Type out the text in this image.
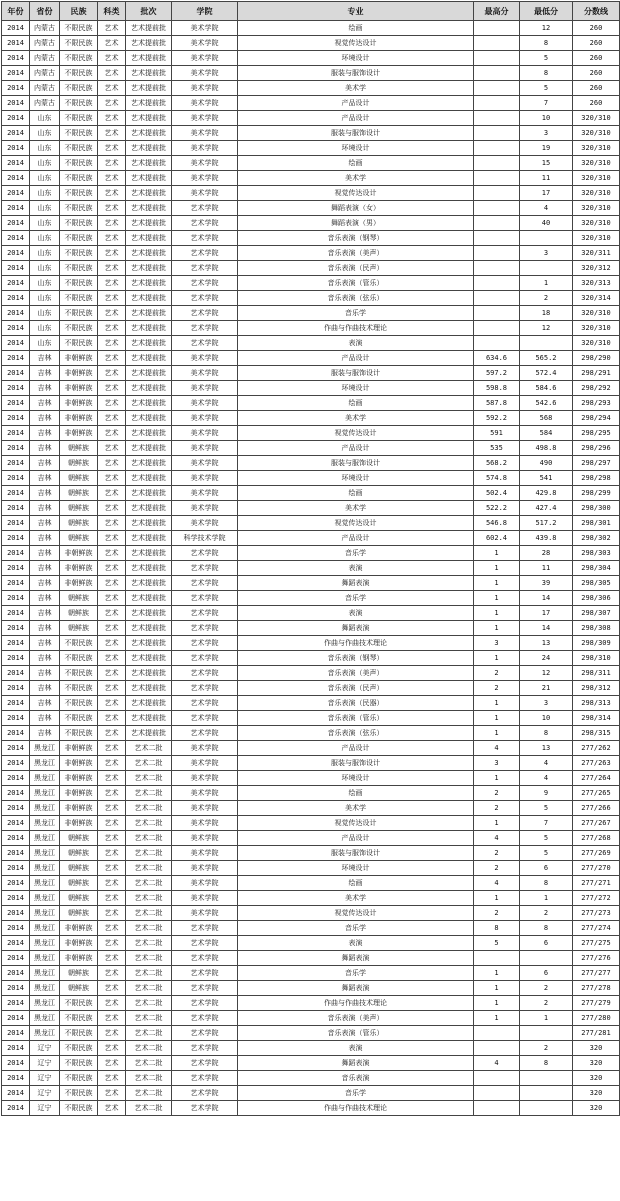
年份	省份	民族	科类	批次	学院	专业	最高分	最低分	分数线
2014	内蒙古	不限民族	艺术	艺术提前批	美术学院	绘画		12	260
2014	内蒙古	不限民族	艺术	艺术提前批	美术学院	视觉传达设计		8	260
2014	内蒙古	不限民族	艺术	艺术提前批	美术学院	环境设计		5	260
2014	内蒙古	不限民族	艺术	艺术提前批	美术学院	服装与服饰设计		8	260
2014	内蒙古	不限民族	艺术	艺术提前批	美术学院	美术学		5	260
2014	内蒙古	不限民族	艺术	艺术提前批	美术学院	产品设计		7	260
2014	山东	不限民族	艺术	艺术提前批	美术学院	产品设计		10	320/310
2014	山东	不限民族	艺术	艺术提前批	美术学院	服装与服饰设计		3	320/310
2014	山东	不限民族	艺术	艺术提前批	美术学院	环境设计		19	320/310
2014	山东	不限民族	艺术	艺术提前批	美术学院	绘画		15	320/310
2014	山东	不限民族	艺术	艺术提前批	美术学院	美术学		11	320/310
2014	山东	不限民族	艺术	艺术提前批	美术学院	视觉传达设计		17	320/310
2014	山东	不限民族	艺术	艺术提前批	艺术学院	舞蹈表演（女）		4	320/310
2014	山东	不限民族	艺术	艺术提前批	艺术学院	舞蹈表演（男）		40	320/310
2014	山东	不限民族	艺术	艺术提前批	艺术学院	音乐表演（钢琴）			320/310
2014	山东	不限民族	艺术	艺术提前批	艺术学院	音乐表演（美声）		3	320/311
2014	山东	不限民族	艺术	艺术提前批	艺术学院	音乐表演（民声）			320/312
2014	山东	不限民族	艺术	艺术提前批	艺术学院	音乐表演（管乐）		1	320/313
2014	山东	不限民族	艺术	艺术提前批	艺术学院	音乐表演（弦乐）		2	320/314
2014	山东	不限民族	艺术	艺术提前批	艺术学院	音乐学		18	320/310
2014	山东	不限民族	艺术	艺术提前批	艺术学院	作曲与作曲技术理论		12	320/310
2014	山东	不限民族	艺术	艺术提前批	艺术学院	表演			320/310
2014	吉林	非朝鲜族	艺术	艺术提前批	美术学院	产品设计	634.6	565.2	298/290
2014	吉林	非朝鲜族	艺术	艺术提前批	美术学院	服装与服饰设计	597.2	572.4	298/291
2014	吉林	非朝鲜族	艺术	艺术提前批	美术学院	环境设计	598.8	584.6	298/292
2014	吉林	非朝鲜族	艺术	艺术提前批	美术学院	绘画	587.8	542.6	298/293
2014	吉林	非朝鲜族	艺术	艺术提前批	美术学院	美术学	592.2	568	298/294
2014	吉林	非朝鲜族	艺术	艺术提前批	美术学院	视觉传达设计	591	584	298/295
2014	吉林	朝鲜族	艺术	艺术提前批	美术学院	产品设计	535	498.8	298/296
2014	吉林	朝鲜族	艺术	艺术提前批	美术学院	服装与服饰设计	568.2	490	298/297
2014	吉林	朝鲜族	艺术	艺术提前批	美术学院	环境设计	574.8	541	298/298
2014	吉林	朝鲜族	艺术	艺术提前批	美术学院	绘画	502.4	429.8	298/299
2014	吉林	朝鲜族	艺术	艺术提前批	美术学院	美术学	522.2	427.4	298/300
2014	吉林	朝鲜族	艺术	艺术提前批	美术学院	视觉传达设计	546.8	517.2	298/301
2014	吉林	朝鲜族	艺术	艺术提前批	科学技术学院	产品设计	602.4	439.8	298/302
2014	吉林	非朝鲜族	艺术	艺术提前批	艺术学院	音乐学	1	28	298/303
2014	吉林	非朝鲜族	艺术	艺术提前批	艺术学院	表演	1	11	298/304
2014	吉林	非朝鲜族	艺术	艺术提前批	艺术学院	舞蹈表演	1	39	298/305
2014	吉林	朝鲜族	艺术	艺术提前批	艺术学院	音乐学	1	14	298/306
2014	吉林	朝鲜族	艺术	艺术提前批	艺术学院	表演	1	17	298/307
2014	吉林	朝鲜族	艺术	艺术提前批	艺术学院	舞蹈表演	1	14	298/308
2014	吉林	不限民族	艺术	艺术提前批	艺术学院	作曲与作曲技术理论	3	13	298/309
2014	吉林	不限民族	艺术	艺术提前批	艺术学院	音乐表演（钢琴）	1	24	298/310
2014	吉林	不限民族	艺术	艺术提前批	艺术学院	音乐表演（美声）	2	12	298/311
2014	吉林	不限民族	艺术	艺术提前批	艺术学院	音乐表演（民声）	2	21	298/312
2014	吉林	不限民族	艺术	艺术提前批	艺术学院	音乐表演（民器）	1	3	298/313
2014	吉林	不限民族	艺术	艺术提前批	艺术学院	音乐表演（管乐）	1	10	298/314
2014	吉林	不限民族	艺术	艺术提前批	艺术学院	音乐表演（弦乐）	1	8	298/315
2014	黑龙江	非朝鲜族	艺术	艺术二批	美术学院	产品设计	4	13	277/262
2014	黑龙江	非朝鲜族	艺术	艺术二批	美术学院	服装与服饰设计	3	4	277/263
2014	黑龙江	非朝鲜族	艺术	艺术二批	美术学院	环境设计	1	4	277/264
2014	黑龙江	非朝鲜族	艺术	艺术二批	美术学院	绘画	2	9	277/265
2014	黑龙江	非朝鲜族	艺术	艺术二批	美术学院	美术学	2	5	277/266
2014	黑龙江	非朝鲜族	艺术	艺术二批	美术学院	视觉传达设计	1	7	277/267
2014	黑龙江	朝鲜族	艺术	艺术二批	美术学院	产品设计	4	5	277/268
2014	黑龙江	朝鲜族	艺术	艺术二批	美术学院	服装与服饰设计	2	5	277/269
2014	黑龙江	朝鲜族	艺术	艺术二批	美术学院	环境设计	2	6	277/270
2014	黑龙江	朝鲜族	艺术	艺术二批	美术学院	绘画	4	8	277/271
2014	黑龙江	朝鲜族	艺术	艺术二批	美术学院	美术学	1	1	277/272
2014	黑龙江	朝鲜族	艺术	艺术二批	美术学院	视觉传达设计	2	2	277/273
2014	黑龙江	非朝鲜族	艺术	艺术二批	艺术学院	音乐学	8	8	277/274
2014	黑龙江	非朝鲜族	艺术	艺术二批	艺术学院	表演	5	6	277/275
2014	黑龙江	非朝鲜族	艺术	艺术二批	艺术学院	舞蹈表演			277/276
2014	黑龙江	朝鲜族	艺术	艺术二批	艺术学院	音乐学	1	6	277/277
2014	黑龙江	朝鲜族	艺术	艺术二批	艺术学院	舞蹈表演	1	2	277/278
2014	黑龙江	不限民族	艺术	艺术二批	艺术学院	作曲与作曲技术理论	1	2	277/279
2014	黑龙江	不限民族	艺术	艺术二批	艺术学院	音乐表演（美声）	1	1	277/280
2014	黑龙江	不限民族	艺术	艺术二批	艺术学院	音乐表演（管乐）			277/281
2014	辽宁	不限民族	艺术	艺术二批	艺术学院	表演		2	320
2014	辽宁	不限民族	艺术	艺术二批	艺术学院	舞蹈表演	4	8	320
2014	辽宁	不限民族	艺术	艺术二批	艺术学院	音乐表演			320
2014	辽宁	不限民族	艺术	艺术二批	艺术学院	音乐学			320
2014	辽宁	不限民族	艺术	艺术二批	艺术学院	作曲与作曲技术理论			320
